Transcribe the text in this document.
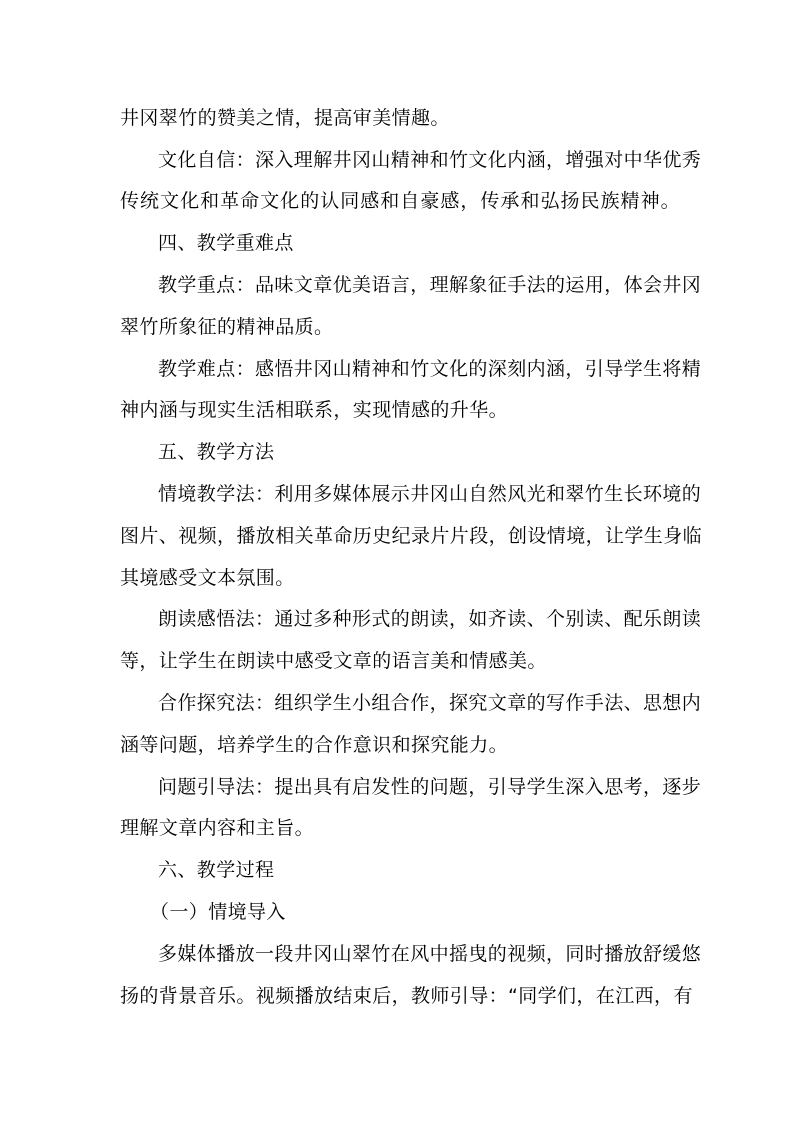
井冈翠竹的赞美之情，提高审美情趣。
文化自信：深入理解井冈山精神和竹文化内涵，增强对中华优秀
传统文化和革命文化的认同感和自豪感，传承和弘扬民族精神。
四、教学重难点
教学重点：品味文章优美语言，理解象征手法的运用，体会井冈
翠竹所象征的精神品质。
教学难点：感悟井冈山精神和竹文化的深刻内涵，引导学生将精
神内涵与现实生活相联系，实现情感的升华。
五、教学方法
情境教学法：利用多媒体展示井冈山自然风光和翠竹生长环境的
图片、视频，播放相关革命历史纪录片片段，创设情境，让学生身临
其境感受文本氛围。
朗读感悟法：通过多种形式的朗读，如齐读、个别读、配乐朗读
等，让学生在朗读中感受文章的语言美和情感美。
合作探究法：组织学生小组合作，探究文章的写作手法、思想内
涵等问题，培养学生的合作意识和探究能力。
问题引导法：提出具有启发性的问题，引导学生深入思考，逐步
理解文章内容和主旨。
六、教学过程
（一）情境导入
多媒体播放一段井冈山翠竹在风中摇曳的视频，同时播放舒缓悠
扬的背景音乐。视频播放结束后，教师引导：“同学们，在江西，有
